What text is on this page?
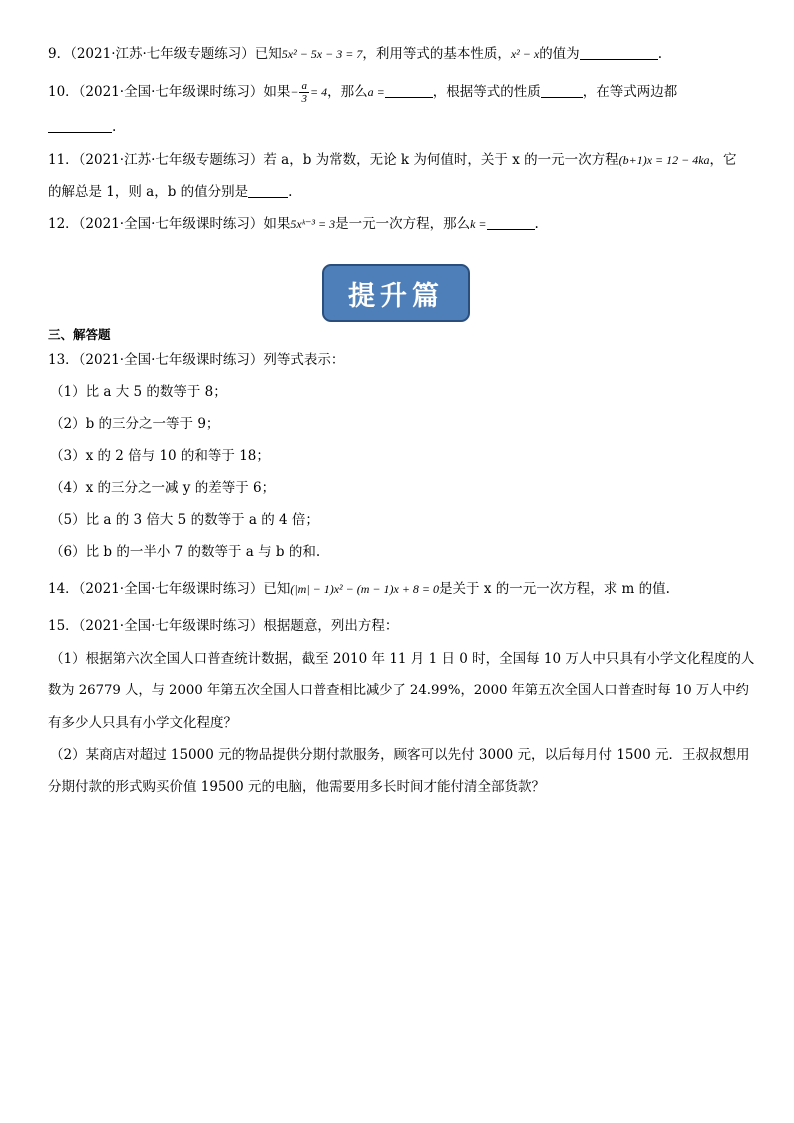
9．（2021·江苏·七年级专题练习）已知5x² − 5x − 3 = 7，利用等式的基本性质，x² − x的值为	.
10．（2021·全国·七年级课时练习）如果− $\frac{a}{3} = 4$，那么a =	，根据等式的性质	，在等式两边都
.
11．（2021·江苏·七年级专题练习）若 a，b 为常数，无论 k 为何值时，关于 x 的一元一次方程(b+1)x = 12 − 4ka，它
的解总是 1，则 a，b 的值分别是	.
12．（2021·全国·七年级课时练习）如果5xᵏ⁻³ = 3是一元一次方程，那么k =	.
提升篇
三、解答题
13．（2021·全国·七年级课时练习）列等式表示：
（1）比 a 大 5 的数等于 8；
（2）b 的三分之一等于 9；
（3）x 的 2 倍与 10 的和等于 18；
（4）x 的三分之一减 y 的差等于 6；
（5）比 a 的 3 倍大 5 的数等于 a 的 4 倍；
（6）比 b 的一半小 7 的数等于 a 与 b 的和.
14．（2021·全国·七年级课时练习）已知(|m| − 1)x² − (m − 1)x + 8 = 0是关于 x 的一元一次方程，求 m 的值.
15．（2021·全国·七年级课时练习）根据题意，列出方程：
（1）根据第六次全国人口普查统计数据，截至 2010 年 11 月 1 日 0 时，全国每 10 万人中只具有小学文化程度的人
数为 26779 人，与 2000 年第五次全国人口普查相比减少了 24.99%，2000 年第五次全国人口普查时每 10 万人中约
有多少人只具有小学文化程度？
（2）某商店对超过 15000 元的物品提供分期付款服务，顾客可以先付 3000 元，以后每月付 1500 元．王叔叔想用
分期付款的形式购买价值 19500 元的电脑，他需要用多长时间才能付清全部货款？
